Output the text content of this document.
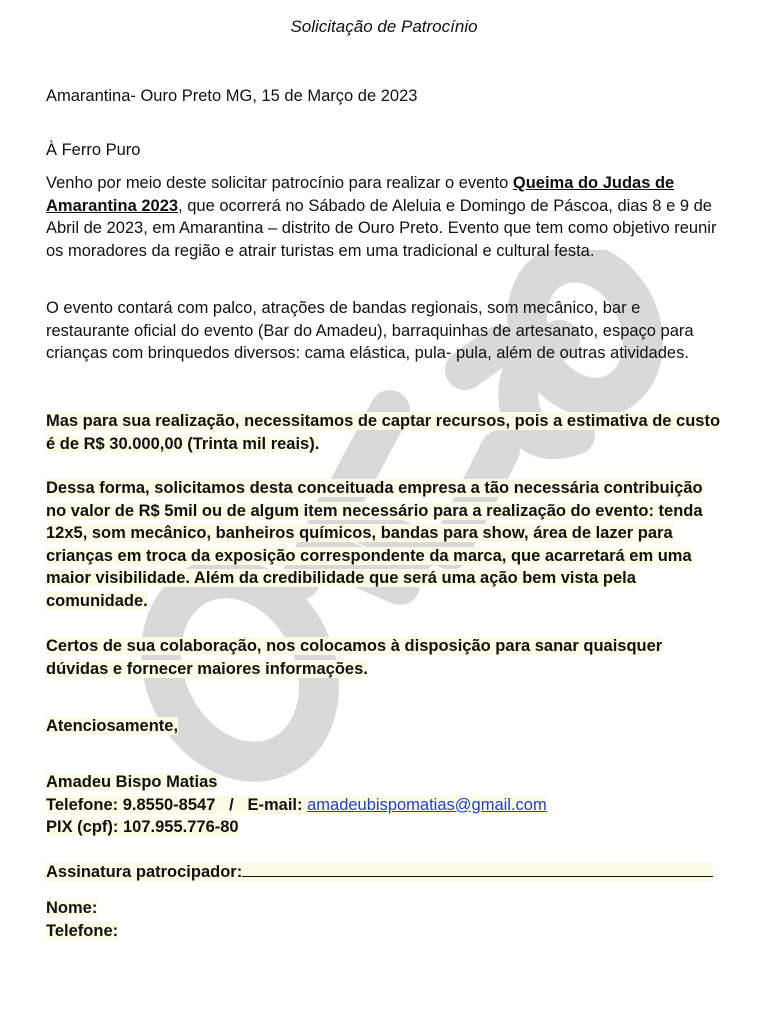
Solicitação de Patrocínio
Amarantina- Ouro Preto MG, 15 de Março de 2023
À Ferro Puro
Venho por meio deste solicitar patrocínio para realizar o evento Queima do Judas de Amarantina 2023, que ocorrerá no Sábado de Aleluia e Domingo de Páscoa, dias 8 e 9 de Abril de 2023, em Amarantina – distrito de Ouro Preto. Evento que tem como objetivo reunir os moradores da região e atrair turistas em uma tradicional e cultural festa.
O evento contará com palco, atrações de bandas regionais, som mecânico, bar e restaurante oficial do evento (Bar do Amadeu), barraquinhas de artesanato, espaço para crianças com brinquedos diversos: cama elástica, pula- pula, além de outras atividades.
Mas para sua realização, necessitamos de captar recursos, pois a estimativa de custo é de R$ 30.000,00 (Trinta mil reais).
Dessa forma, solicitamos desta conceituada empresa a tão necessária contribuição no valor de R$ 5mil ou de algum item necessário para a realização do evento: tenda 12x5, som mecânico, banheiros químicos, bandas para show, área de lazer para crianças em troca da exposição correspondente da marca, que acarretará em uma maior visibilidade. Além da credibilidade que será uma ação bem vista pela comunidade.
Certos de sua colaboração, nos colocamos à disposição para sanar quaisquer dúvidas e fornecer maiores informações.
Atenciosamente,
Amadeu Bispo Matias
Telefone: 9.8550-8547 / E-mail: amadeubispomatias@gmail.com
PIX (cpf): 107.955.776-80
Assinatura patrocipador:
Nome:
Telefone:
